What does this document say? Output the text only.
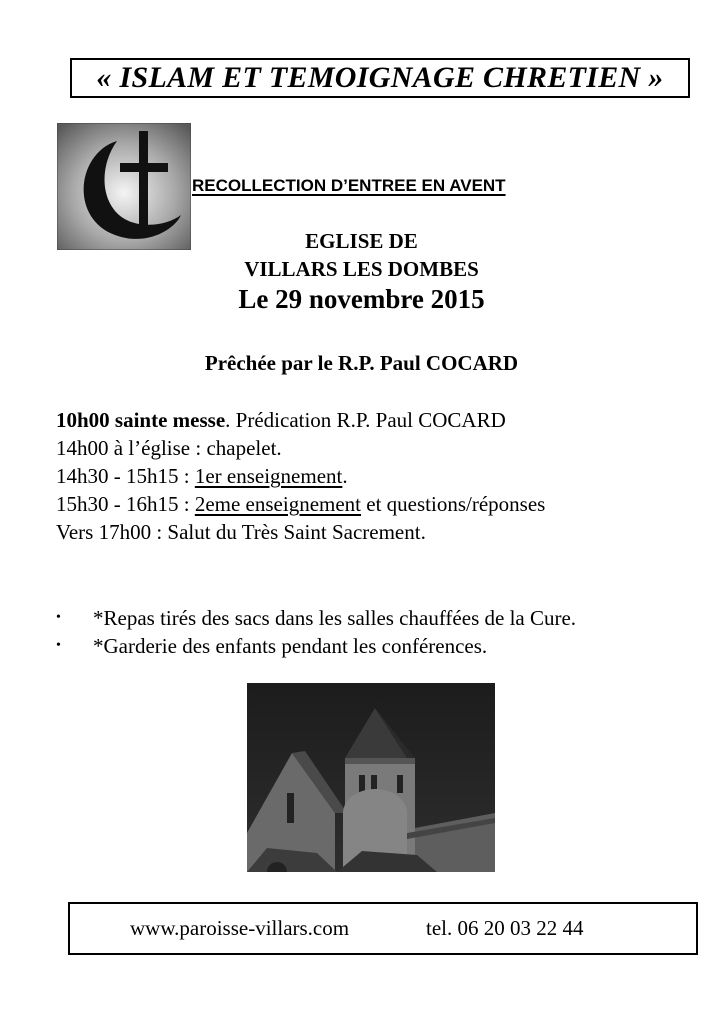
« ISLAM ET TEMOIGNAGE CHRETIEN »
RECOLLECTION D’ENTREE EN AVENT
EGLISE DE
VILLARS LES DOMBES
Le 29 novembre 2015
Prêchée par le R.P. Paul COCARD
10h00 sainte messe. Prédication R.P. Paul COCARD
14h00 à l’église : chapelet.
14h30 - 15h15 : 1er enseignement.
15h30 - 16h15 : 2eme enseignement et questions/réponses
Vers 17h00 : Salut du Très Saint Sacrement.
•	*Repas tirés des sacs dans les salles chauffées de la Cure.
•	*Garderie des enfants pendant les conférences.
www.paroisse-villars.com	tel. 06 20 03 22 44
